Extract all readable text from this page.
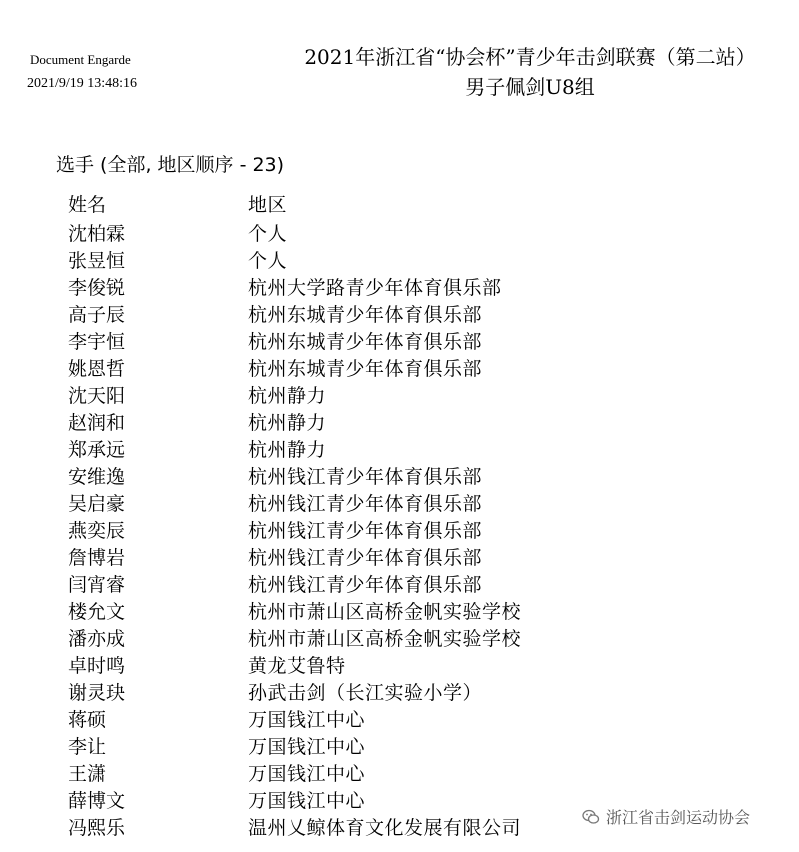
Document Engarde
2021/9/19 13:48:16
2021年浙江省“协会杯”青少年击剑联赛（第二站）
男子佩剑U8组
选手 (全部, 地区顺序 - 23)
姓名	地区
沈柏霖	个人
张昱恒	个人
李俊锐	杭州大学路青少年体育俱乐部
高子辰	杭州东城青少年体育俱乐部
李宇恒	杭州东城青少年体育俱乐部
姚恩哲	杭州东城青少年体育俱乐部
沈天阳	杭州静力
赵润和	杭州静力
郑承远	杭州静力
安维逸	杭州钱江青少年体育俱乐部
吴启豪	杭州钱江青少年体育俱乐部
燕奕辰	杭州钱江青少年体育俱乐部
詹博岩	杭州钱江青少年体育俱乐部
闫宵睿	杭州钱江青少年体育俱乐部
楼允文	杭州市萧山区高桥金帆实验学校
潘亦成	杭州市萧山区高桥金帆实验学校
卓时鸣	黄龙艾鲁特
谢灵玦	孙武击剑（长江实验小学）
蒋硕	万国钱江中心
李让	万国钱江中心
王潇	万国钱江中心
薛博文	万国钱江中心
冯熙乐	温州乂鲸体育文化发展有限公司	浙江省击剑运动协会
